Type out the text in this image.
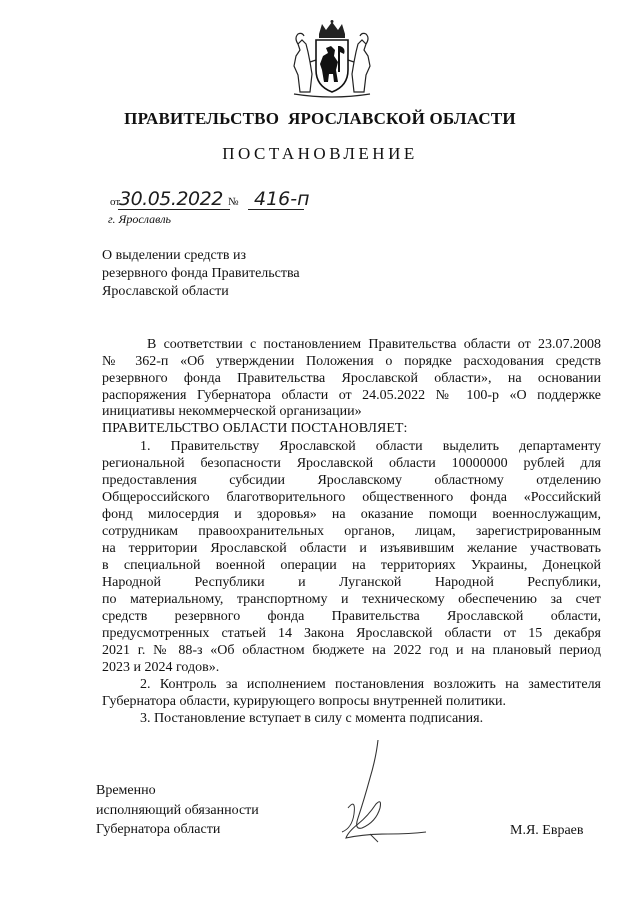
ПРАВИТЕЛЬСТВО  ЯРОСЛАВСКОЙ ОБЛАСТИ
ПОСТАНОВЛЕНИЕ
от
30.05.2022 № 416-п
г. Ярославль
О выделении средств из
резервного фонда Правительства
Ярославской области
В соответствии с постановлением Правительства области от 23.07.2008
№ 362-п «Об утверждении Положения о порядке расходования средств
резервного фонда Правительства Ярославской области», на основании
распоряжения Губернатора области от 24.05.2022 № 100-р «О поддержке
инициативы некоммерческой организации»
ПРАВИТЕЛЬСТВО ОБЛАСТИ ПОСТАНОВЛЯЕТ:
1. Правительству Ярославской области выделить департаменту
региональной безопасности Ярославской области 10000000 рублей для
предоставления субсидии Ярославскому областному отделению
Общероссийского благотворительного общественного фонда «Российский
фонд милосердия и здоровья» на оказание помощи военнослужащим,
сотрудникам правоохранительных органов, лицам, зарегистрированным
на территории Ярославской области и изъявившим желание участвовать
в специальной военной операции на территориях Украины, Донецкой
Народной Республики и Луганской Народной Республики,
по материальному, транспортному и техническому обеспечению за счет
средств резервного фонда Правительства Ярославской области,
предусмотренных статьей 14 Закона Ярославской области от 15 декабря
2021 г. № 88-з «Об областном бюджете на 2022 год и на плановый период
2023 и 2024 годов».
2. Контроль за исполнением постановления возложить на заместителя
Губернатора области, курирующего вопросы внутренней политики.
3. Постановление вступает в силу с момента подписания.
Временно
исполняющий обязанности
Губернатора области	М.Я. Евраев
